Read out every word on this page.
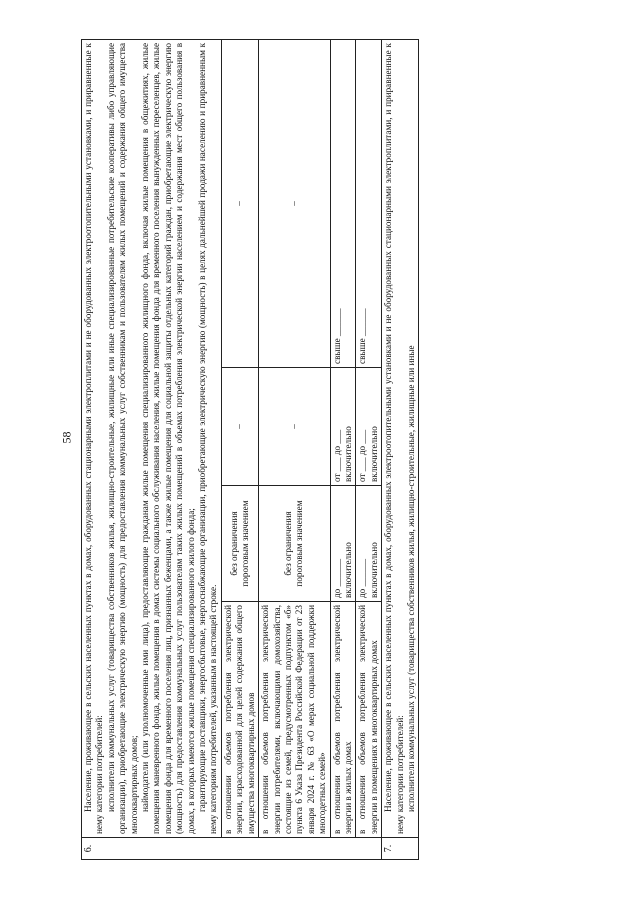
58
6.	Население, проживающее в сельских населенных пунктах в домах, оборудованных стационарными электроплитами и не оборудованных электроотопительными установками, и приравненные к нему категории потребителей: исполнители коммунальных услуг (товарищества собственников жилья, жилищно-строительные, жилищные или иные специализированные потребительские кооперативы либо управляющие организации), приобретающие электрическую энергию (мощность) для предоставления коммунальных услуг собственникам и пользователям жилых помещений и содержания общего имущества многоквартирных домов; наймодатели (или уполномоченные ими лица), предоставляющие гражданам жилые помещения специализированного жилищного фонда, включая жилые помещения в общежитиях, жилые помещения маневренного фонда, жилые помещения в домах системы социального обслуживания населения, жилые помещения фонда для временного поселения вынужденных переселенцев, жилые помещения фонда для временного поселения лиц, признанных беженцами, а также жилые помещения для социальной защиты отдельных категорий граждан, приобретающие электрическую энергию (мощность) для предоставления коммунальных услуг пользователям таких жилых помещений в объемах потребления электрической энергии населением и содержания мест общего пользования в домах, в которых имеются жилые помещения специализированного жилого фонда; гарантирующие поставщики, энергосбытовые, энергоснабжающие организации, приобретающие электрическую энергию (мощность) в целях дальнейшей продажи населению и приравненным к нему категориям потребителей, указанным в настоящей строке.			

	в отношении объемов потребления электрической энергии, израсходованной для целей содержания общего имущества многоквартирных домов	без ограничения пороговым значением	–	–

	в отношении объемов потребления электрической энергии потребителями, включающими домохозяйства, состоящие из семей, предусмотренных подпунктом «б» пункта 6 Указа Президента Российской Федерации от 23 января 2024 г. № 63 «О мерах социальной поддержки многодетных семей»	без ограничения пороговым значением	–	–

	в отношении объемов потребления электрической энергии в жилых домах	до ______ включительно	от ___ до ___ включительно	свыше ______

	в отношении объемов потребления электрической энергии в помещениях в многоквартирных домах	до ______ включительно	от ___ до ___ включительно	свыше ______
7.	Население, проживающее в сельских населенных пунктах в домах, оборудованных электроотопительными установками и не оборудованных стационарными электроплитами, и приравненные к нему категории потребителей: исполнители коммунальных услуг (товарищества собственников жилья, жилищно-строительные, жилищные или иные			
